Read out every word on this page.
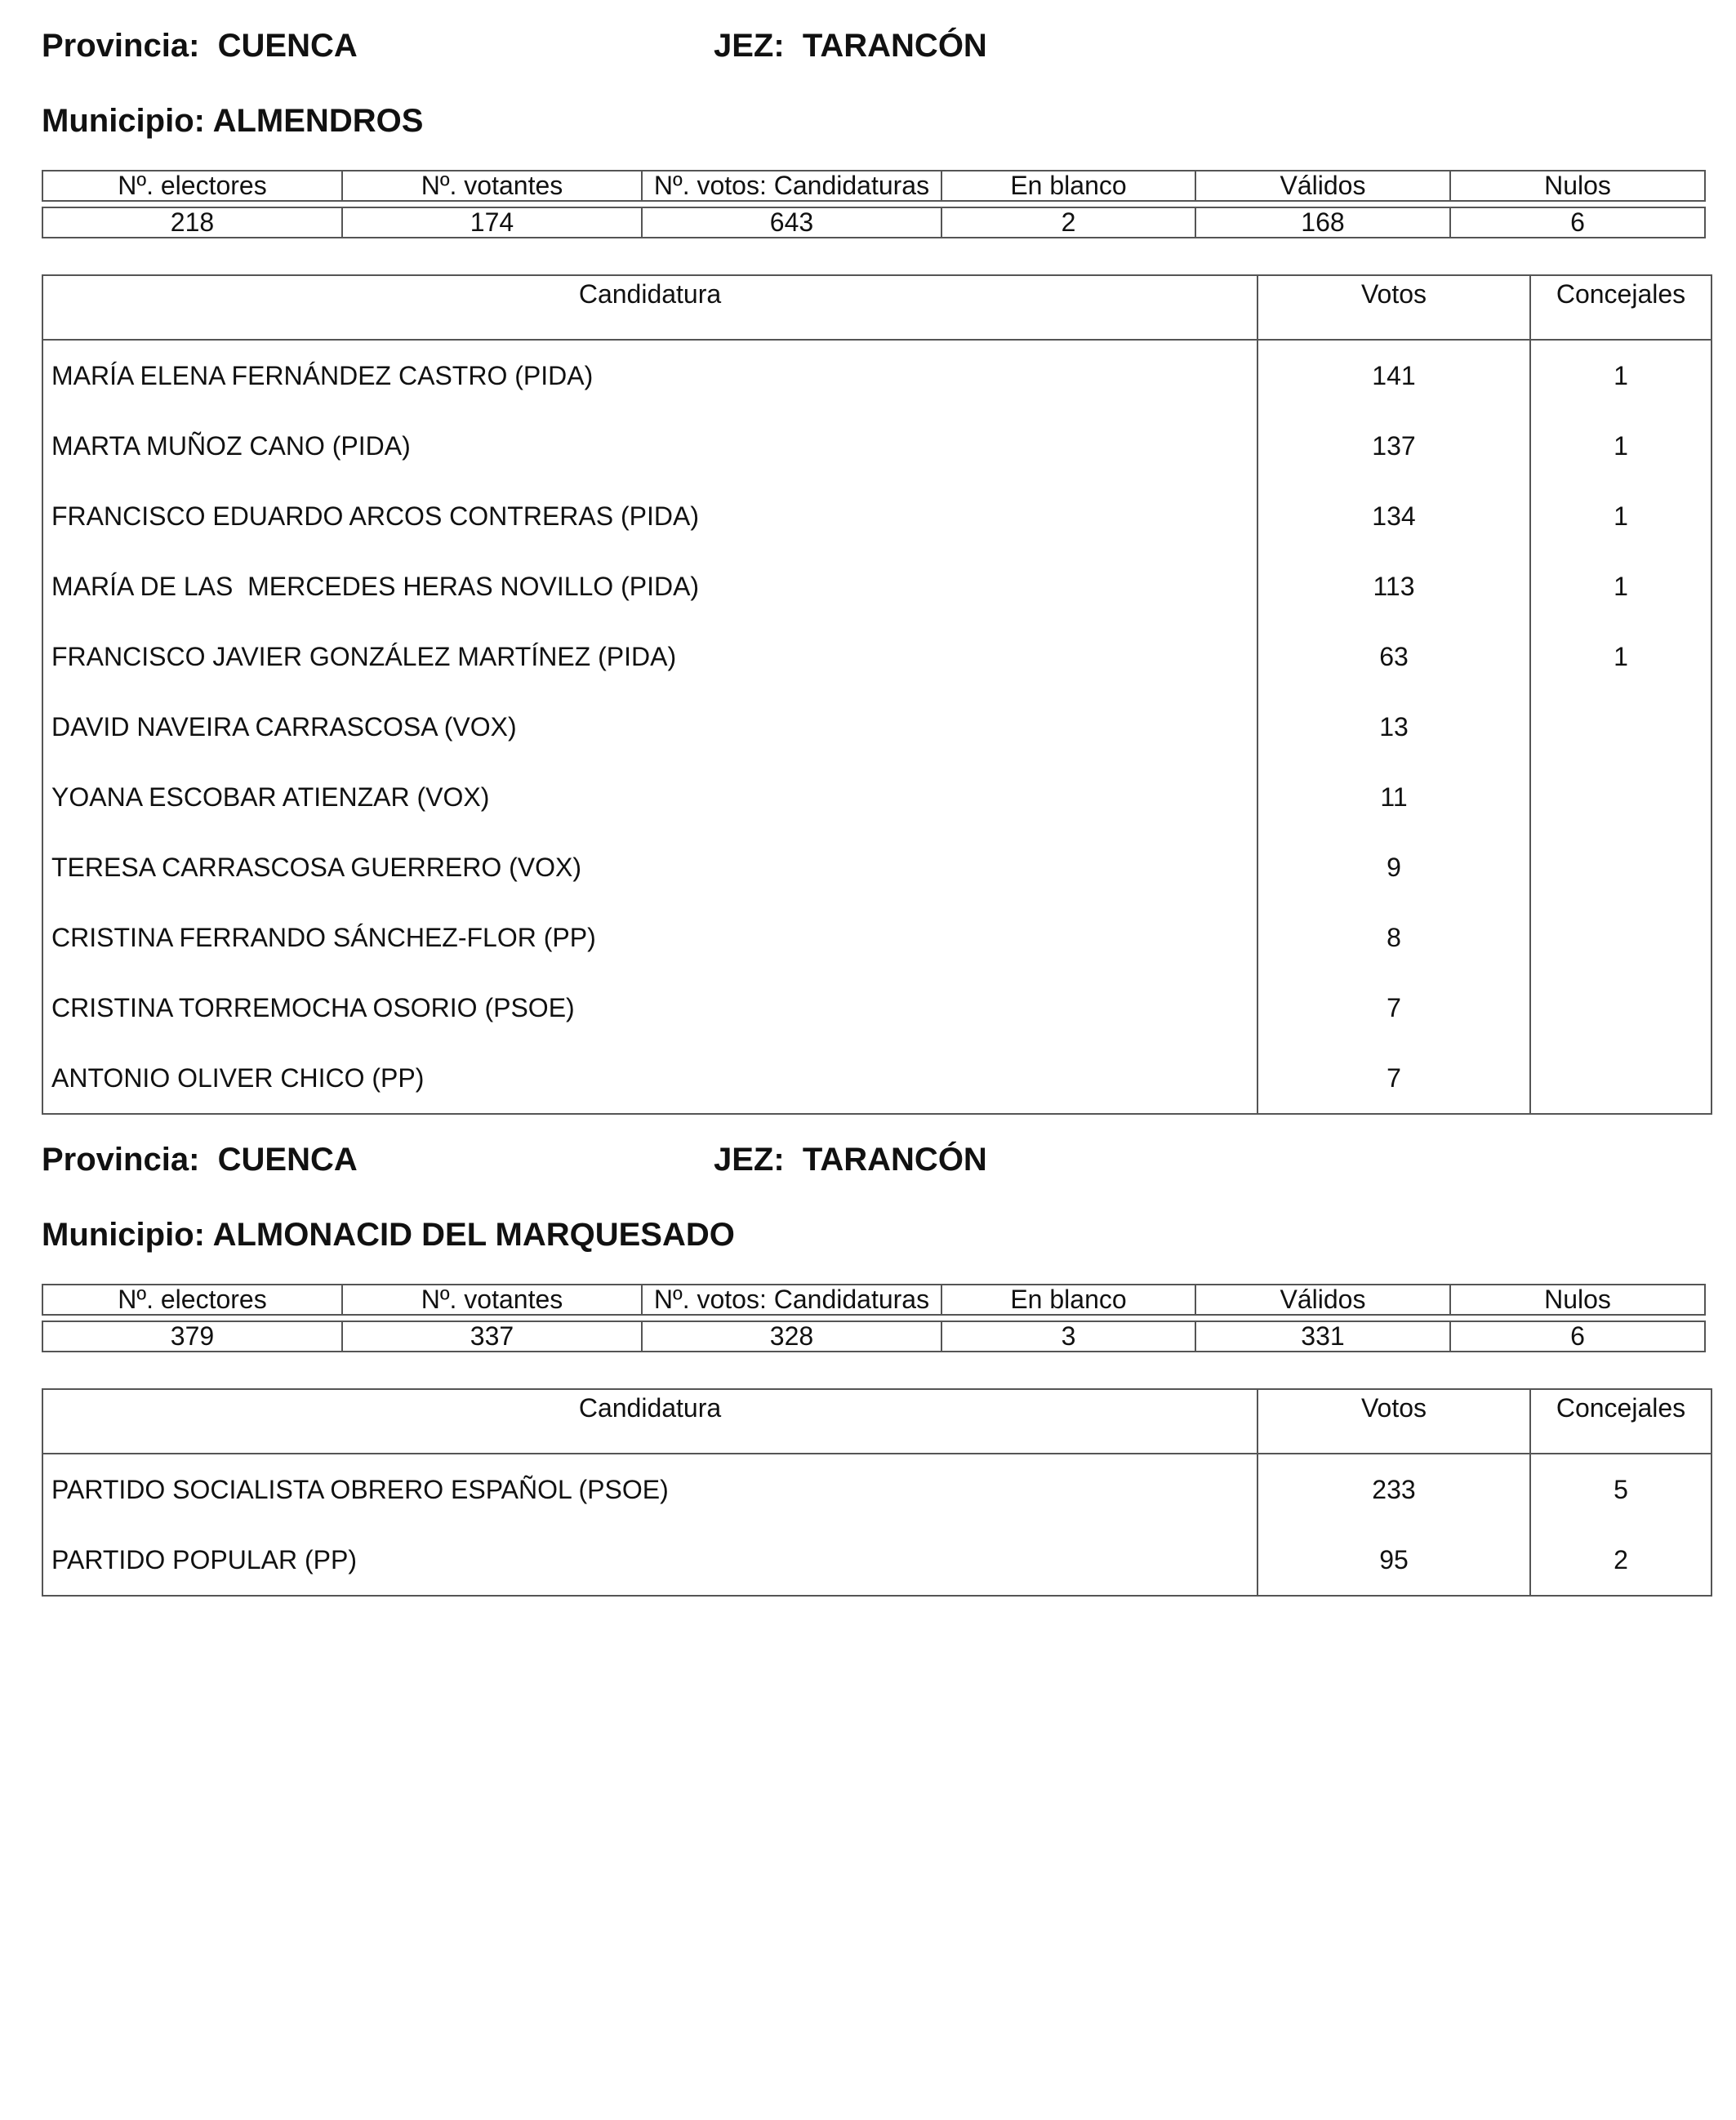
Provincia: CUENCA	JEZ: TARANCÓN
Municipio: ALMENDROS
Nº. electores	Nº. votantes	Nº. votos: Candidaturas	En blanco	Válidos	Nulos

218	174	643	2	168	6
Candidatura	Votos	Concejales
MARÍA ELENA FERNÁNDEZ CASTRO (PIDA)	141	1
MARTA MUÑOZ CANO (PIDA)	137	1
FRANCISCO EDUARDO ARCOS CONTRERAS (PIDA)	134	1
MARÍA DE LAS  MERCEDES HERAS NOVILLO (PIDA)	113	1
FRANCISCO JAVIER GONZÁLEZ MARTÍNEZ (PIDA)	63	1
DAVID NAVEIRA CARRASCOSA (VOX)	13	
YOANA ESCOBAR ATIENZAR (VOX)	11	
TERESA CARRASCOSA GUERRERO (VOX)	9	
CRISTINA FERRANDO SÁNCHEZ-FLOR (PP)	8	
CRISTINA TORREMOCHA OSORIO (PSOE)	7	
ANTONIO OLIVER CHICO (PP)	7	
Provincia: CUENCA	JEZ: TARANCÓN
Municipio: ALMONACID DEL MARQUESADO
Nº. electores	Nº. votantes	Nº. votos: Candidaturas	En blanco	Válidos	Nulos

379	337	328	3	331	6
Candidatura	Votos	Concejales
PARTIDO SOCIALISTA OBRERO ESPAÑOL (PSOE)	233	5
PARTIDO POPULAR (PP)	95	2
